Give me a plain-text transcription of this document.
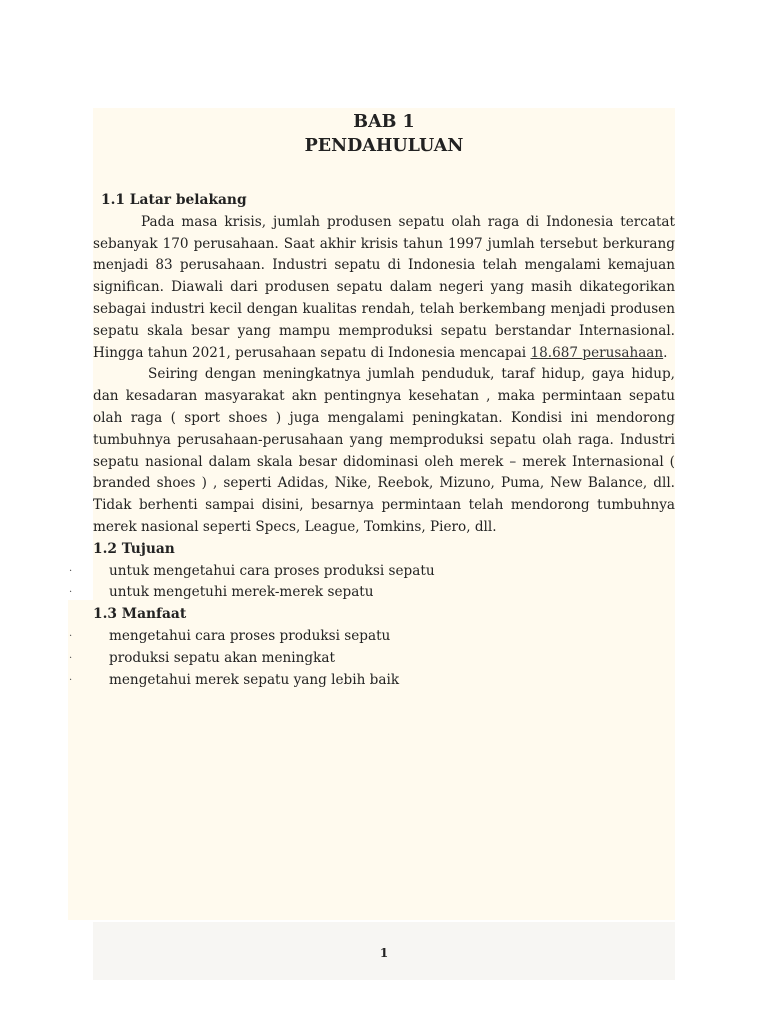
BAB 1
PENDAHULUAN
1.1 Latar belakang

Pada masa krisis, jumlah produsen sepatu olah raga di Indonesia tercatat sebanyak 170 perusahaan. Saat akhir krisis tahun 1997 jumlah tersebut berkurang menjadi 83 perusahaan. Industri sepatu di Indonesia telah mengalami kemajuan significan. Diawali dari produsen sepatu dalam negeri yang masih dikategorikan sebagai industri kecil dengan kualitas rendah, telah berkembang menjadi produsen sepatu skala besar yang mampu memproduksi sepatu berstandar Internasional. Hingga tahun 2021, perusahaan sepatu di Indonesia mencapai 18.687 perusahaan.

Seiring dengan meningkatnya jumlah penduduk, taraf hidup, gaya hidup, dan kesadaran masyarakat akn pentingnya kesehatan , maka permintaan sepatu olah raga ( sport shoes ) juga mengalami peningkatan. Kondisi ini mendorong tumbuhnya perusahaan-perusahaan yang memproduksi sepatu olah raga. Industri sepatu nasional dalam skala besar didominasi oleh merek – merek Internasional ( branded shoes ) , seperti Adidas, Nike, Reebok, Mizuno, Puma, New Balance, dll. Tidak berhenti sampai disini, besarnya permintaan telah mendorong tumbuhnya merek nasional seperti Specs, League, Tomkins, Piero, dll.

1.2 Tujuan
·	untuk mengetahui cara proses produksi sepatu
·	untuk mengetuhi merek-merek sepatu
1.3 Manfaat
·	mengetahui cara proses produksi sepatu
·	produksi sepatu akan meningkat
·	mengetahui merek sepatu yang lebih baik
1
